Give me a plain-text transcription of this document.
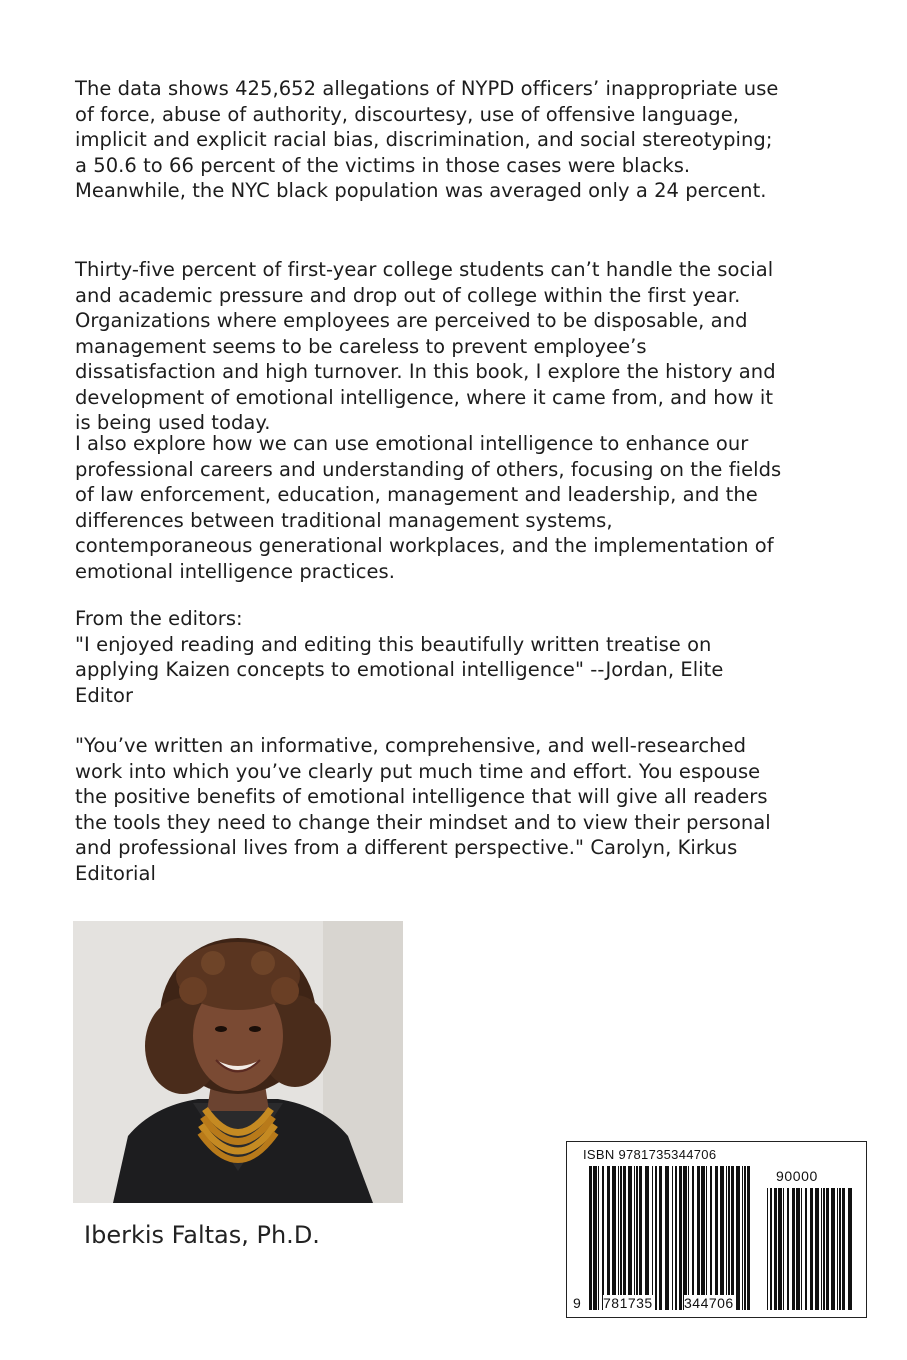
The data shows 425,652 allegations of NYPD officers’ inappropriate use
of force, abuse of authority, discourtesy, use of offensive language,
implicit and explicit racial bias, discrimination, and social stereotyping;
a 50.6 to 66 percent of the victims in those cases were blacks.
Meanwhile, the NYC black population was averaged only a 24 percent.

Thirty-five percent of first-year college students can’t handle the social
and academic pressure and drop out of college within the first year.
Organizations where employees are perceived to be disposable, and
management seems to be careless to prevent employee’s
dissatisfaction and high turnover. In this book, I explore the history and
development of emotional intelligence, where it came from, and how it
is being used today.

I also explore how we can use emotional intelligence to enhance our
professional careers and understanding of others, focusing on the fields
of law enforcement, education, management and leadership, and the
differences between traditional management systems,
contemporaneous generational workplaces, and the implementation of
emotional intelligence practices.

From the editors:
"I enjoyed reading and editing this beautifully written treatise on
applying Kaizen concepts to emotional intelligence" --Jordan, Elite
Editor

"You’ve written an informative, comprehensive, and well-researched
work into which you’ve clearly put much time and effort. You espouse
the positive benefits of emotional intelligence that will give all readers
the tools they need to change their mindset and to view their personal
and professional lives from a different perspective." Carolyn, Kirkus
Editorial

Iberkis Faltas, Ph.D.
ISBN 9781735344706
90000
9 781735 344706
